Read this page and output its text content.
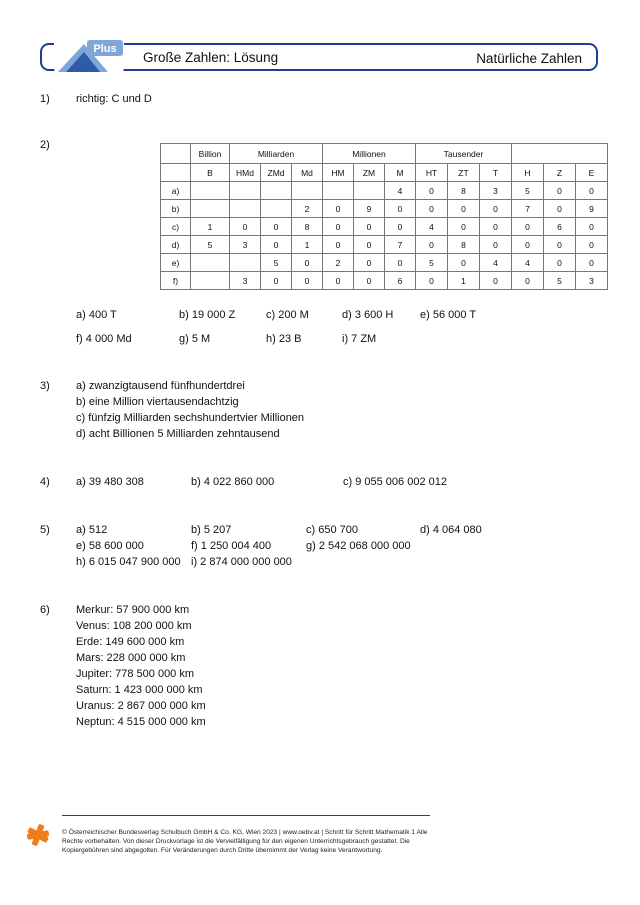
Plus
Große Zahlen: Lösung	Natürliche Zahlen
1) richtig: C und D
2)
	Billion	Milliarden			Millionen			Tausender					
	B	HMd	ZMd	Md	HM	ZM	M	HT	ZT	T	H	Z	E
a)							4	0	8	3	5	0	0
b)				2	0	9	0	0	0	0	7	0	9
c)	1	0	0	8	0	0	0	4	0	0	0	6	0
d)	5	3	0	1	0	0	7	0	8	0	0	0	0
e)			5	0	2	0	0	5	0	4	4	0	0
f)		3	0	0	0	0	6	0	1	0	0	5	3
a) 400 T	b) 19 000 Z	c) 200 M	d) 3 600 H e) 56 000 T
f) 4 000 Md	g) 5 M	h) 23 B	i) 7 ZM
3) a) zwanzigtausend fünfhundertdrei
b) eine Million viertausendachtzig
c) fünfzig Milliarden sechshundertvier Millionen
d) acht Billionen 5 Milliarden zehntausend
4) a) 39 480 308	b) 4 022 860 000	c) 9 055 006 002 012
5) a) 512	b) 5 207	c) 650 700	d) 4 064 080
e) 58 600 000	f) 1 250 004 400	g) 2 542 068 000 000
h) 6 015 047 900 000 i) 2 874 000 000 000
6) Merkur: 57 900 000 km
Venus: 108 200 000 km
Erde: 149 600 000 km
Mars: 228 000 000 km
Jupiter: 778 500 000 km
Saturn: 1 423 000 000 km
Uranus: 2 867 000 000 km
Neptun: 4 515 000 000 km
© Österreichischer Bundesverlag Schulbuch GmbH & Co. KG, Wien 2023 | www.oebv.at | Schritt für Schritt Mathematik 1 Alle Rechte vorbehalten. Von dieser Druckvorlage ist die Vervielfältigung für den eigenen Unterrichtsgebrauch gestattet. Die Kopiergebühren sind abgegolten. Für Veränderungen durch Dritte übernimmt der Verlag keine Verantwortung.
